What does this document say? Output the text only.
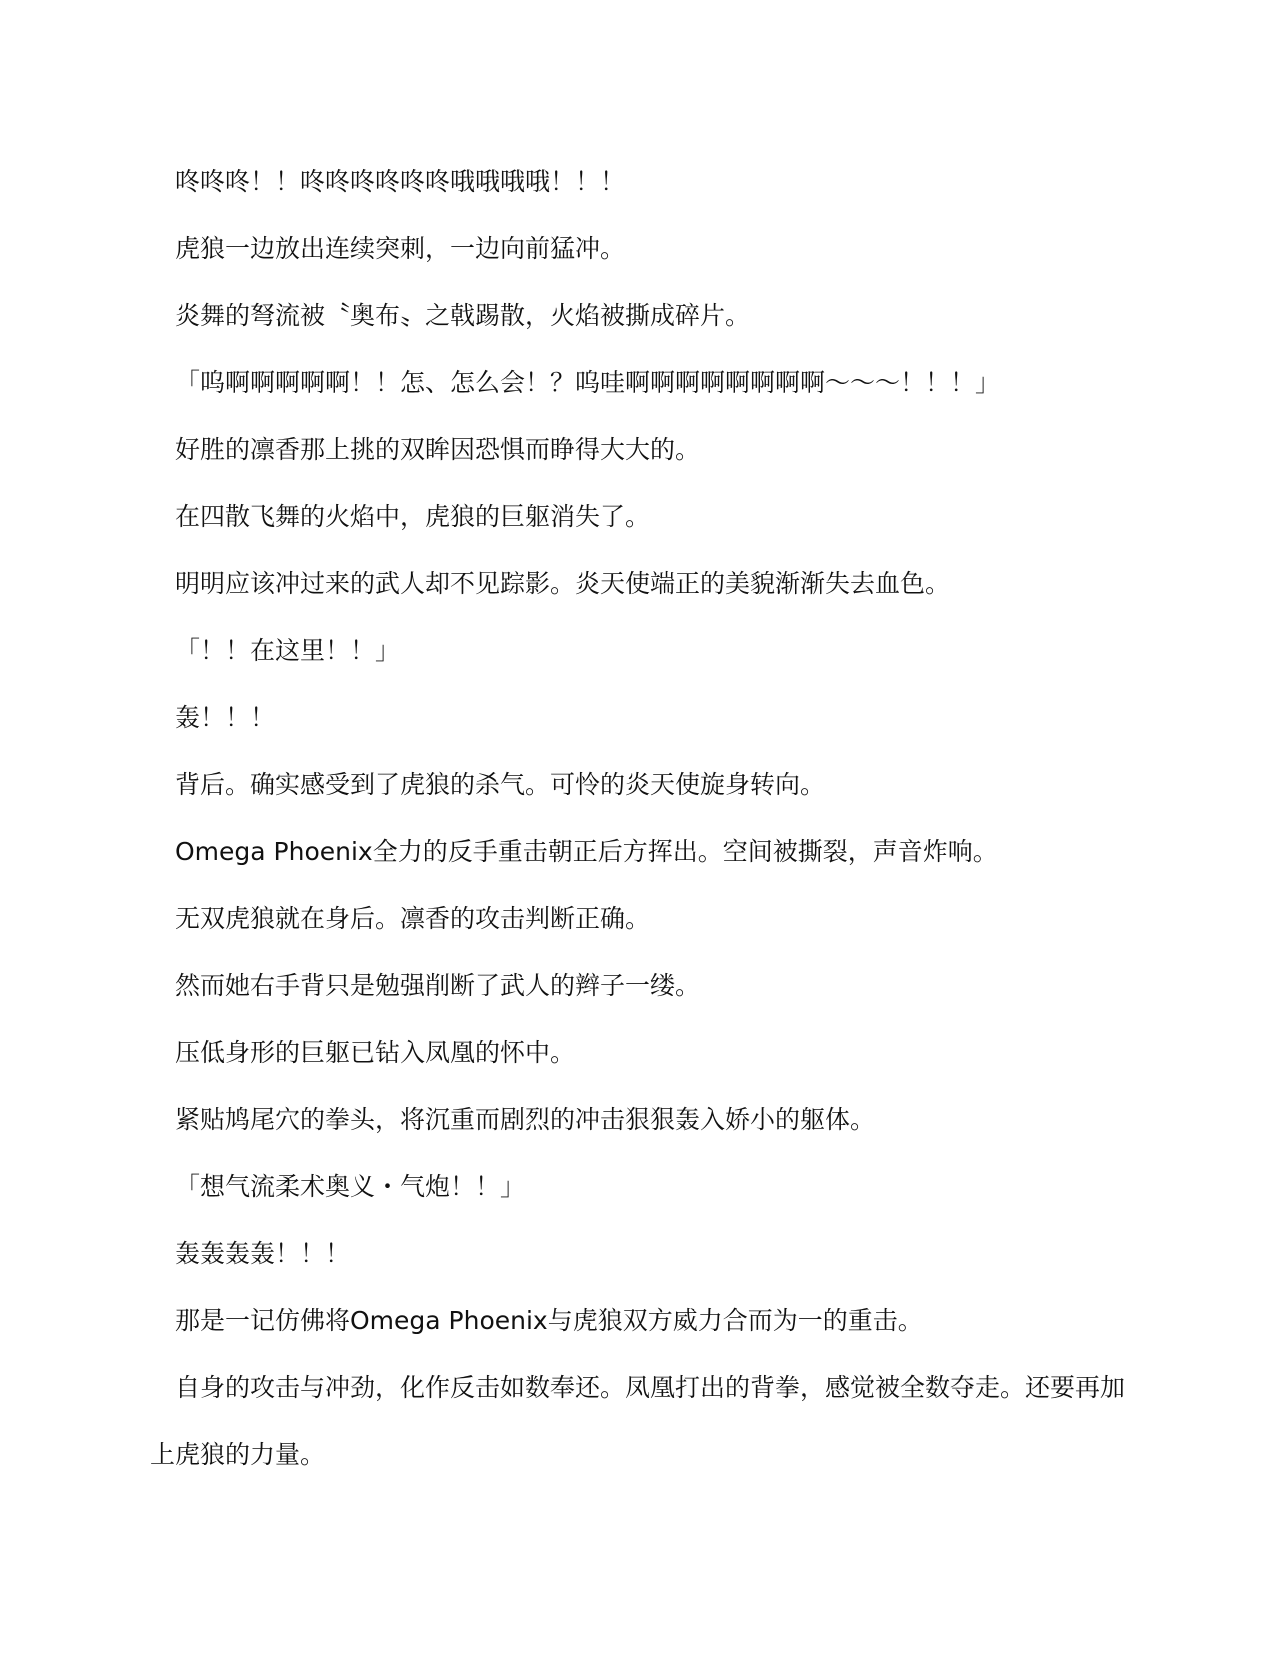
咚咚咚！！咚咚咚咚咚咚哦哦哦哦！！！

虎狼一边放出连续突刺，一边向前猛冲。

炎舞的弩流被〝奥布〟之戟踢散，火焰被撕成碎片。

「呜啊啊啊啊啊！！怎、怎么会！？呜哇啊啊啊啊啊啊啊啊～～～！！！」

好胜的凛香那上挑的双眸因恐惧而睁得大大的。

在四散飞舞的火焰中，虎狼的巨躯消失了。

明明应该冲过来的武人却不见踪影。炎天使端正的美貌渐渐失去血色。

「！！在这里！！」

轰！！！

背后。确实感受到了虎狼的杀气。可怜的炎天使旋身转向。

Omega Phoenix全力的反手重击朝正后方挥出。空间被撕裂，声音炸响。

无双虎狼就在身后。凛香的攻击判断正确。

然而她右手背只是勉强削断了武人的辫子一缕。

压低身形的巨躯已钻入凤凰的怀中。

紧贴鸠尾穴的拳头，将沉重而剧烈的冲击狠狠轰入娇小的躯体。

「想气流柔术奥义・气炮！！」

轰轰轰轰！！！

那是一记仿佛将Omega Phoenix与虎狼双方威力合而为一的重击。

自身的攻击与冲劲，化作反击如数奉还。凤凰打出的背拳，感觉被全数夺走。还要再加上虎狼的力量。
